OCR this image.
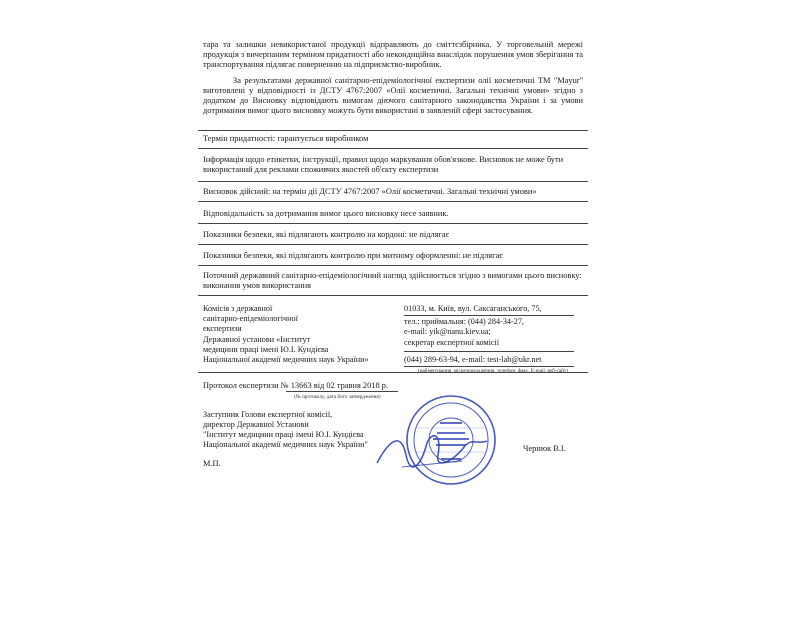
тара та залишки невикористаної продукції відправляють до сміттєзбірника. У торговельній мережі продукція з вичерпаним терміном придатності або некондиційна внаслідок порушення умов зберігання та транспортування підлягає поверненню на підприємство-виробник.

За результатами державної санітарно-епідеміологічної експертизи олії косметичні ТМ "Mayur" виготовлені у відповідності із ДСТУ 4767:2007 «Олії косметичні. Загальні технічні умови» згідно з додатком до Висновку відповідають вимогам діючого санітарного законодавства України і за умови дотримання вимог цього висновку можуть бути використані в заявленій сфері застосування.

Термін придатності: гарантується виробником
Інформація щодо етикетки, інструкції, правил щодо маркування обов'язкове. Висновок не може бути використаний для реклами споживчих якостей об'єкту експертизи
Висновок дійсний: на термін дії ДСТУ 4767:2007 «Олії косметичні. Загальні технічні умови»
Відповідальність за дотримання вимог цього висновку несе заявник.
Показники безпеки, які підлягають контролю на кордоні: не підлягає
Показники безпеки, які підлягають контролю при митному оформленні: не підлягає
Поточний державний санітарно-епідеміологічний нагляд здійснюється згідно з вимогами цього висновку: виконання умов використання
Комісія з державної
санітарно-епідеміологічної
експертизи
Державної установи «Інститут
медицини праці імені Ю.І. Кундієва
Національної академії медичних наук України»
01033, м. Київ, вул. Саксаганського, 75,
тел.: приймальня: (044) 284-34-27,
e-mail: yik@nanu.kiev.ua;
секретар експертної комісії
(044) 289-63-94, e-mail: test-lab@ukr.net
(найменування, місцезнаходження, телефон, факс, E-mail, веб-сайт)
Протокол експертизи № 13663 від 02 травня 2018 р.
(№ протоколу, дата його затвердження)
Заступник Голови експертної комісії,
директор Державної Установи
"Інститут медицини праці імені Ю.І. Кундієва
Національної академії медичних наук України"
М.П.
Чернюк В.І.
